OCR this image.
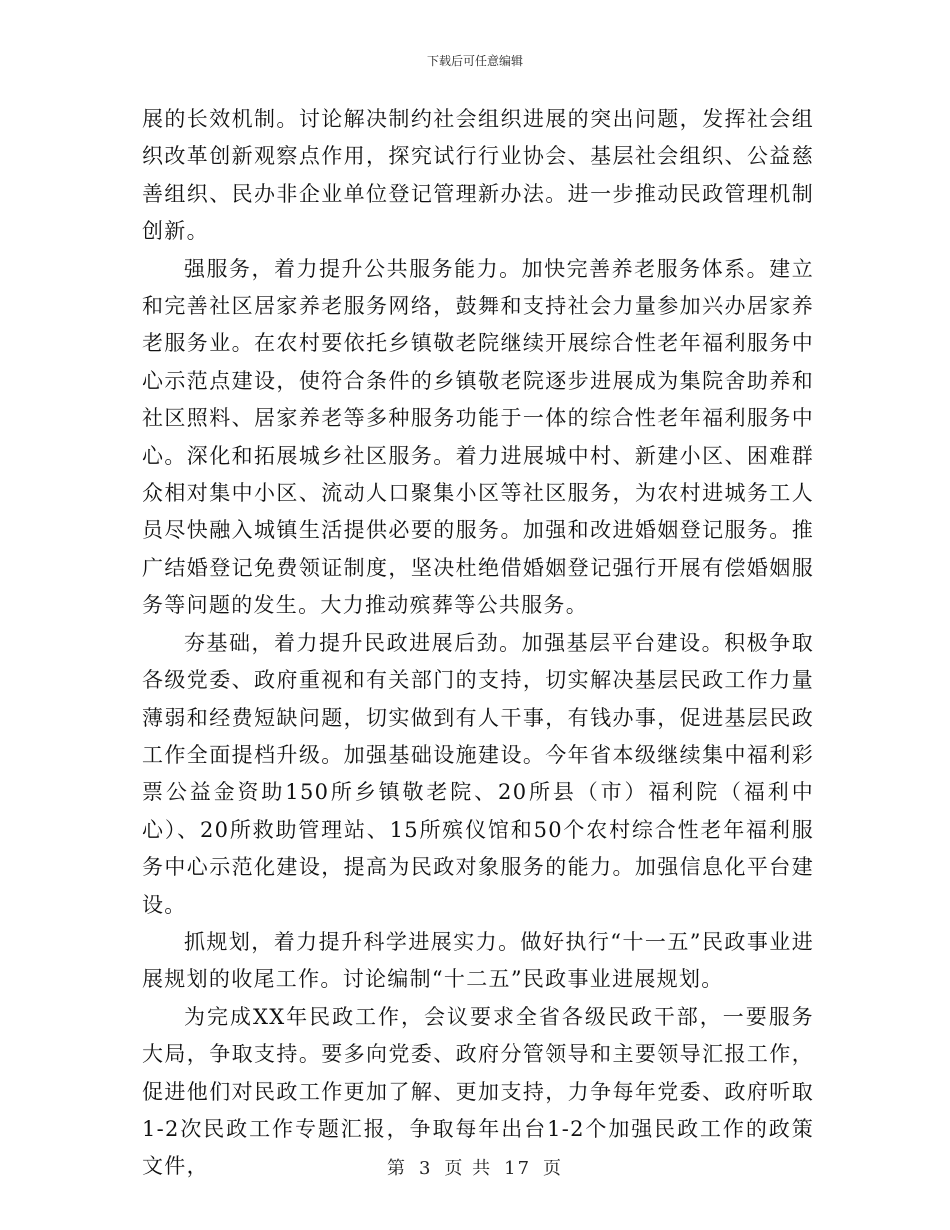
下载后可任意编辑

展的长效机制。讨论解决制约社会组织进展的突出问题，发挥社会组织改革创新观察点作用，探究试行行业协会、基层社会组织、公益慈善组织、民办非企业单位登记管理新办法。进一步推动民政管理机制创新。

强服务，着力提升公共服务能力。加快完善养老服务体系。建立和完善社区居家养老服务网络，鼓舞和支持社会力量参加兴办居家养老服务业。在农村要依托乡镇敬老院继续开展综合性老年福利服务中心示范点建设，使符合条件的乡镇敬老院逐步进展成为集院舍助养和社区照料、居家养老等多种服务功能于一体的综合性老年福利服务中心。深化和拓展城乡社区服务。着力进展城中村、新建小区、困难群众相对集中小区、流动人口聚集小区等社区服务，为农村进城务工人员尽快融入城镇生活提供必要的服务。加强和改进婚姻登记服务。推广结婚登记免费领证制度，坚决杜绝借婚姻登记强行开展有偿婚姻服务等问题的发生。大力推动殡葬等公共服务。

夯基础，着力提升民政进展后劲。加强基层平台建设。积极争取各级党委、政府重视和有关部门的支持，切实解决基层民政工作力量薄弱和经费短缺问题，切实做到有人干事，有钱办事，促进基层民政工作全面提档升级。加强基础设施建设。今年省本级继续集中福利彩票公益金资助150所乡镇敬老院、20所县（市）福利院（福利中心）、20所救助管理站、15所殡仪馆和50个农村综合性老年福利服务中心示范化建设，提高为民政对象服务的能力。加强信息化平台建设。

抓规划，着力提升科学进展实力。做好执行“十一五”民政事业进展规划的收尾工作。讨论编制“十二五”民政事业进展规划。

为完成XX年民政工作，会议要求全省各级民政干部，一要服务大局，争取支持。要多向党委、政府分管领导和主要领导汇报工作，促进他们对民政工作更加了解、更加支持，力争每年党委、政府听取1-2次民政工作专题汇报，争取每年出台1-2个加强民政工作的政策文件，	第 3 页 共 17 页
